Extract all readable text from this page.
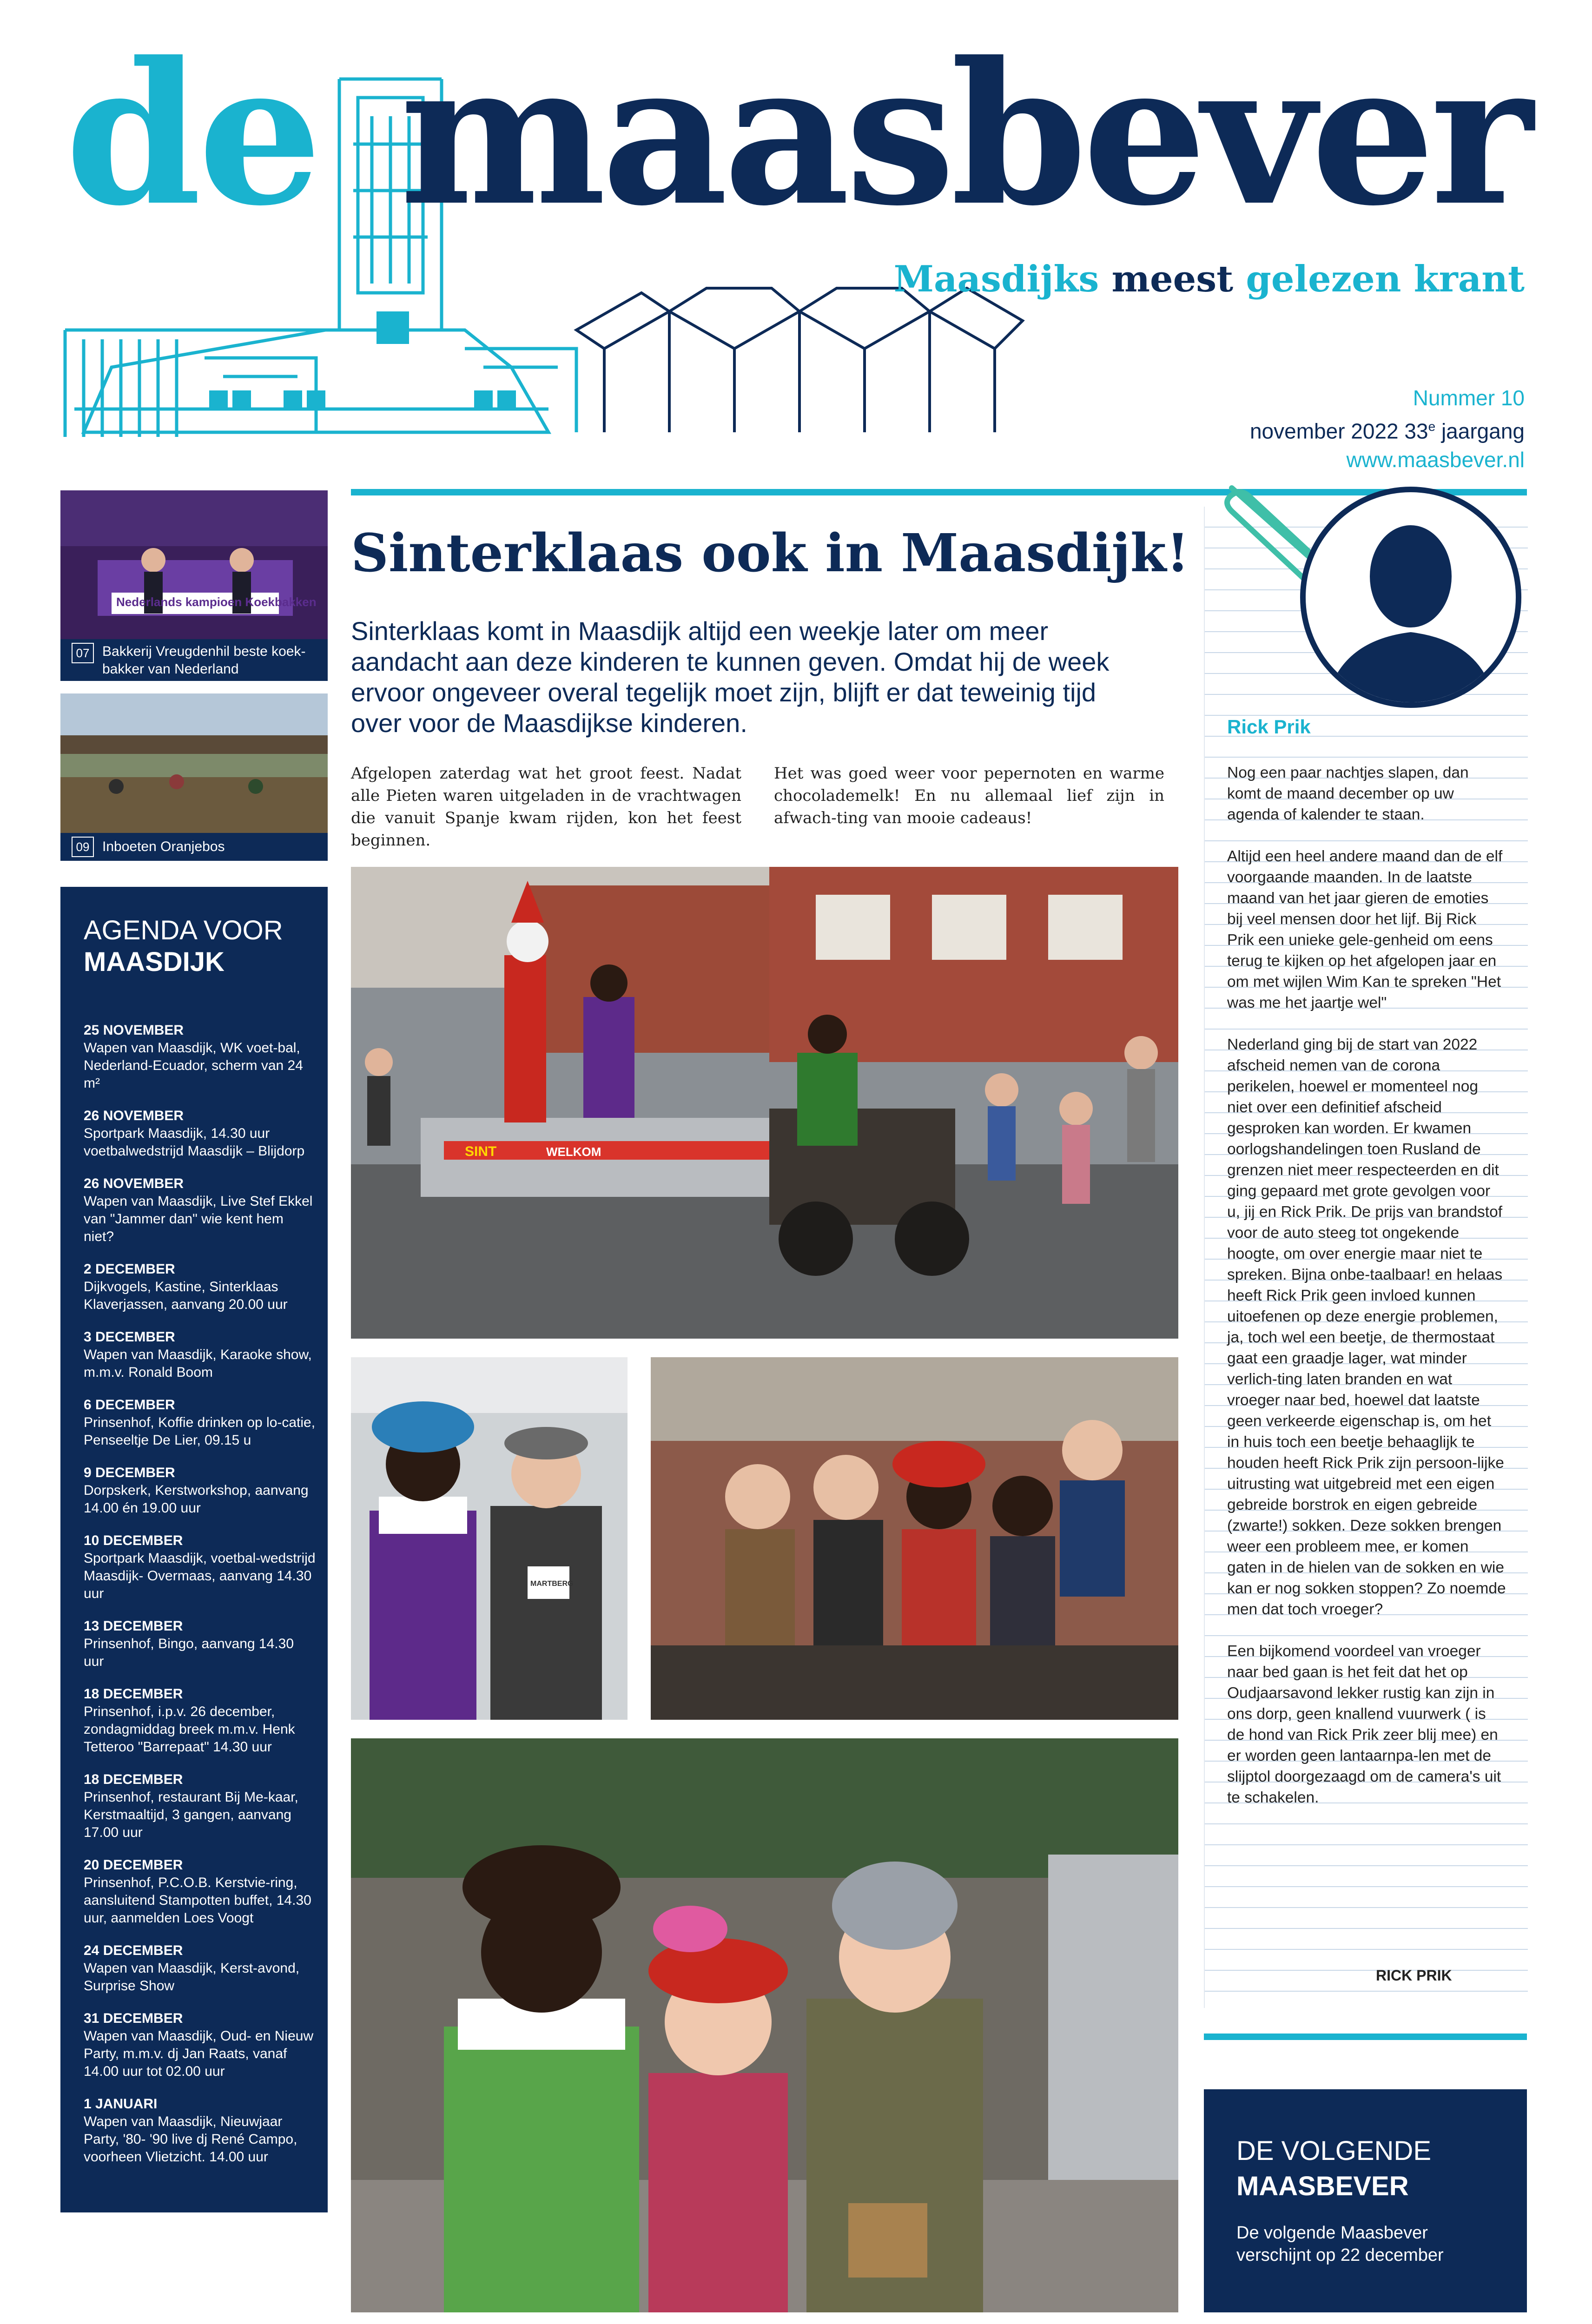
de maasbever
Maasdijks meest gelezen krant
Nummer 10
november 2022 33e jaargang
www.maasbever.nl
Nederlands kampioen Koekbakken
07 Bakkerij Vreugdenhil beste koek-
bakker van Nederland
09 Inboeten Oranjebos
AGENDA VOOR
MAASDIJK
25 NOVEMBER
Wapen van Maasdijk, WK voet-bal, Nederland-Ecuador, scherm van 24 m²
26 NOVEMBER
Sportpark Maasdijk, 14.30 uur voetbalwedstrijd Maasdijk – Blijdorp
26 NOVEMBER
Wapen van Maasdijk, Live Stef Ekkel van "Jammer dan" wie kent hem niet?
2 DECEMBER
Dijkvogels, Kastine, Sinterklaas Klaverjassen, aanvang 20.00 uur
3 DECEMBER
Wapen van Maasdijk, Karaoke show, m.m.v. Ronald Boom
6 DECEMBER
Prinsenhof, Koffie drinken op lo-catie, Penseeltje De Lier, 09.15 u
9 DECEMBER
Dorpskerk, Kerstworkshop, aanvang 14.00 én 19.00 uur
10 DECEMBER
Sportpark Maasdijk, voetbal-wedstrijd Maasdijk- Overmaas, aanvang 14.30 uur
13 DECEMBER
Prinsenhof, Bingo, aanvang 14.30 uur
18 DECEMBER
Prinsenhof, i.p.v. 26 december, zondagmiddag breek m.m.v. Henk Tetteroo "Barrepaat" 14.30 uur
18 DECEMBER
Prinsenhof, restaurant Bij Me-kaar, Kerstmaaltijd, 3 gangen, aanvang 17.00 uur
20 DECEMBER
Prinsenhof, P.C.O.B. Kerstvie-ring, aansluitend Stampotten buffet, 14.30 uur, aanmelden Loes Voogt
24 DECEMBER
Wapen van Maasdijk, Kerst-avond, Surprise Show
31 DECEMBER
Wapen van Maasdijk, Oud- en Nieuw Party, m.m.v. dj Jan Raats, vanaf 14.00 uur tot 02.00 uur
1 JANUARI
Wapen van Maasdijk, Nieuwjaar Party, '80- '90 live dj René Campo, voorheen Vlietzicht. 14.00 uur
Sinterklaas ook in Maasdijk!
Sinterklaas komt in Maasdijk altijd een weekje later om meer aandacht aan deze kinderen te kunnen geven. Omdat hij de week ervoor ongeveer overal tegelijk moet zijn, blijft er dat teweinig tijd over voor de Maasdijkse kinderen.
Afgelopen zaterdag wat het groot feest. Nadat alle Pieten waren uitgeladen in de vrachtwagen die vanuit Spanje kwam rijden, kon het feest beginnen.
Het was goed weer voor pepernoten en warme chocolademelk! En nu allemaal lief zijn in afwach-ting van mooie cadeaus!
SINT	WELKOM
MARTBERG
Rick Prik

Nog een paar nachtjes slapen, dan komt de maand december op uw agenda of kalender te staan.

Altijd een heel andere maand dan de elf voorgaande maanden. In de laatste maand van het jaar gieren de emoties bij veel mensen door het lijf. Bij Rick Prik een unieke gele-genheid om eens terug te kijken op het afgelopen jaar en om met wijlen Wim Kan te spreken "Het was me het jaartje wel"

Nederland ging bij de start van 2022 afscheid nemen van de corona perikelen, hoewel er momenteel nog niet over een definitief afscheid gesproken kan worden. Er kwamen oorlogshandelingen toen Rusland de grenzen niet meer respecteerden en dit ging gepaard met grote gevolgen voor u, jij en Rick Prik. De prijs van brandstof voor de auto steeg tot ongekende hoogte, om over energie maar niet te spreken. Bijna onbe-taalbaar! en helaas heeft Rick Prik geen invloed kunnen uitoefenen op deze energie problemen, ja, toch wel een beetje, de thermostaat gaat een graadje lager, wat minder verlich-ting laten branden en wat vroeger naar bed, hoewel dat laatste geen verkeerde eigenschap is, om het in huis toch een beetje behaaglijk te houden heeft Rick Prik zijn persoon-lijke uitrusting wat uitgebreid met een eigen gebreide borstrok en eigen gebreide (zwarte!) sokken. Deze sokken brengen weer een probleem mee, er komen gaten in de hielen van de sokken en wie kan er nog sokken stoppen? Zo noemde men dat toch vroeger?

Een bijkomend voordeel van vroeger naar bed gaan is het feit dat het op Oudjaarsavond lekker rustig kan zijn in ons dorp, geen knallend vuurwerk ( is de hond van Rick Prik zeer blij mee) en er worden geen lantaarnpa-len met de slijptol doorgezaagd om de camera's uit te schakelen.

RICK PRIK
DE VOLGENDE
MAASBEVER

De volgende Maasbever verschijnt op 22 december
